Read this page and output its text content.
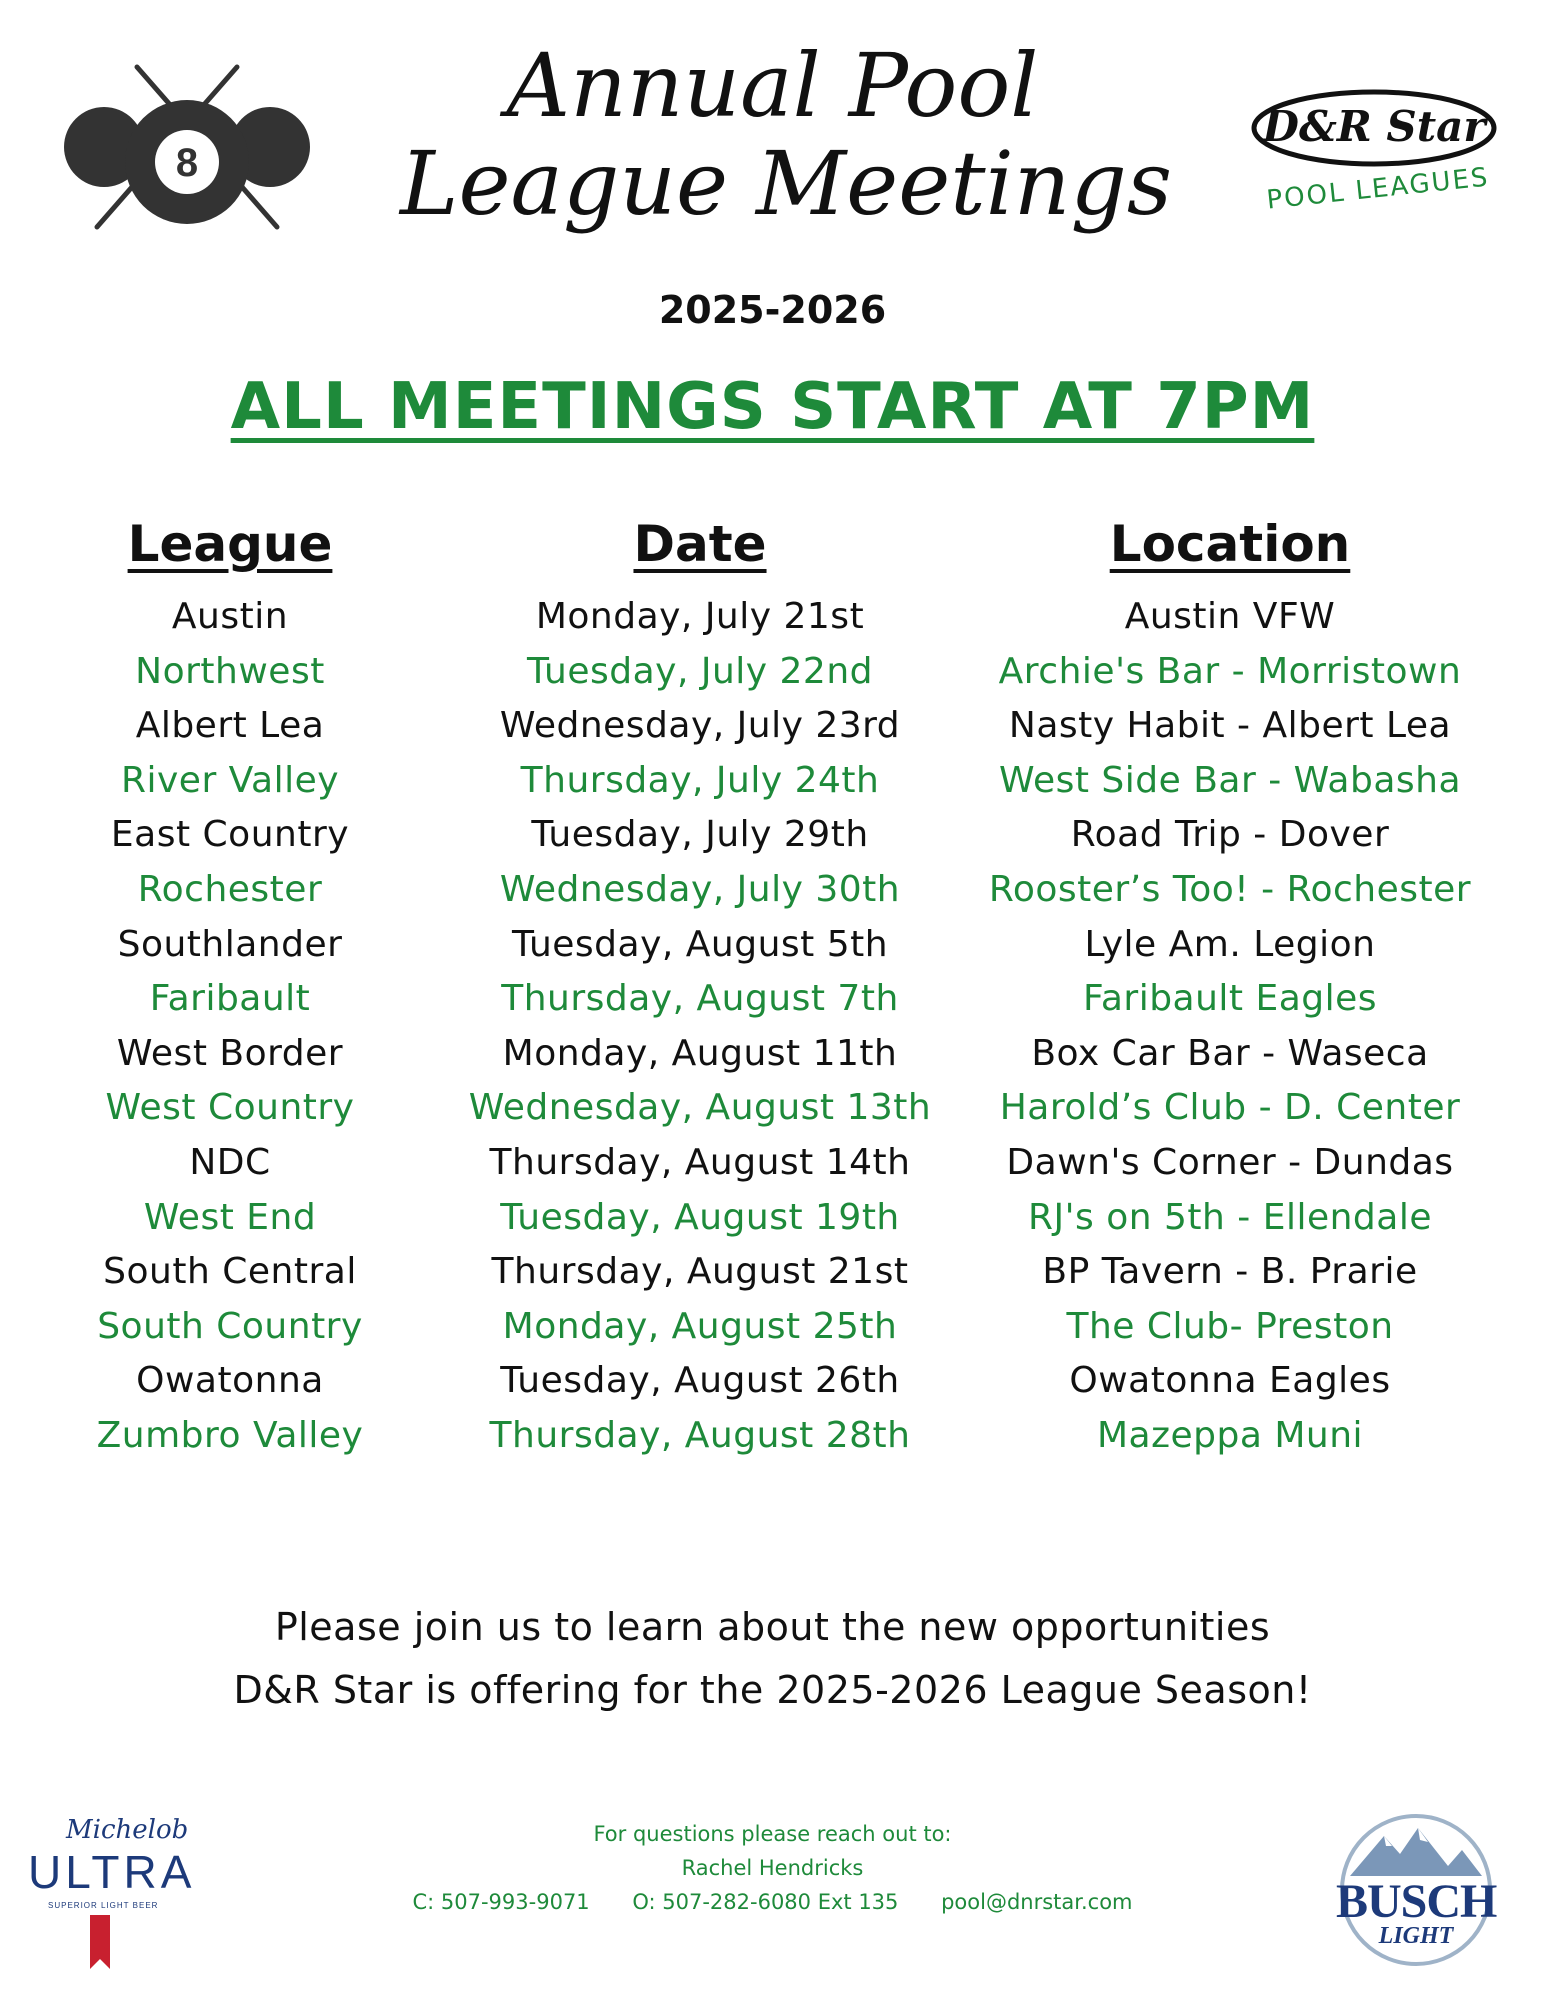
8
Annual Pool
League Meetings
D&R Star
POOL LEAGUES
2025-2026
ALL MEETINGS START AT 7PM
League	Date	Location
Austin	Monday, July 21st	Austin VFW
Northwest	Tuesday, July 22nd	Archie's Bar - Morristown
Albert Lea	Wednesday, July 23rd	Nasty Habit - Albert Lea
River Valley	Thursday, July 24th	West Side Bar - Wabasha
East Country	Tuesday, July 29th	Road Trip - Dover
Rochester	Wednesday, July 30th	Rooster’s Too! - Rochester
Southlander	Tuesday, August 5th	Lyle Am. Legion
Faribault	Thursday, August 7th	Faribault Eagles
West Border	Monday, August 11th	Box Car Bar - Waseca
West Country	Wednesday, August 13th	Harold’s Club - D. Center
NDC	Thursday, August 14th	Dawn's Corner - Dundas
West End	Tuesday, August 19th	RJ's on 5th - Ellendale
South Central	Thursday, August 21st	BP Tavern - B. Prarie
South Country	Monday, August 25th	The Club- Preston
Owatonna	Tuesday, August 26th	Owatonna Eagles
Zumbro Valley	Thursday, August 28th	Mazeppa Muni
Please join us to learn about the new opportunities
D&R Star is offering for the 2025-2026 League Season!
For questions please reach out to:
Rachel Hendricks
C: 507-993-9071 O: 507-282-6080 Ext 135 pool@dnrstar.com
Michelob
ULTRA
SUPERIOR LIGHT BEER	BUSCH
LIGHT
